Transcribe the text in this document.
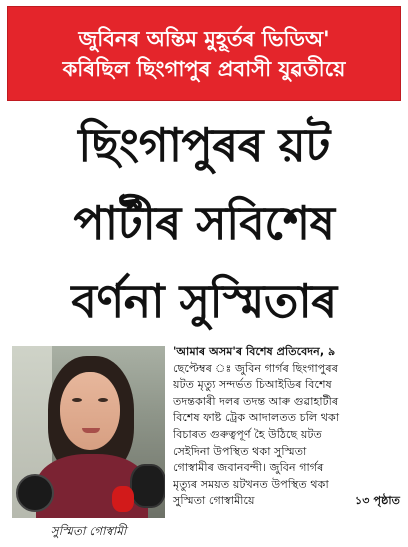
জুবিনৰ অন্তিম মুহূৰ্তৰ ভিডিঅ'
কৰিছিল ছিংগাপুৰ প্ৰবাসী যুৱতীয়ে
ছিংগাপুৰৰ য়ট
পাৰ্টীৰ সবিশেষ
বৰ্ণনা সুস্মিতাৰ
সুস্মিতা গোস্বামী
'আমাৰ অসম'ৰ বিশেষ প্ৰতিবেদন, ৯
ছেপ্টেম্বৰ ঃ জুবিন গাৰ্গৰ ছিংগাপুৰৰ
য়টত মৃত্যু সন্দৰ্ভত চিআইডিৰ বিশেষ
তদন্তকাৰী দলৰ তদন্ত আৰু গুৱাহাটীৰ
বিশেষ ফাষ্ট ট্ৰেক আদালতত চলি থকা
বিচাৰত গুৰুত্বপূৰ্ণ হৈ উঠিছে য়টত
সেইদিনা উপস্থিত থকা সুস্মিতা
গোস্বামীৰ জবানবন্দী। জুবিন গাৰ্গৰ
মৃত্যুৰ সময়ত য়টখনত উপস্থিত থকা
সুস্মিতা গোস্বামীয়ে	১৩ পৃষ্ঠাত
